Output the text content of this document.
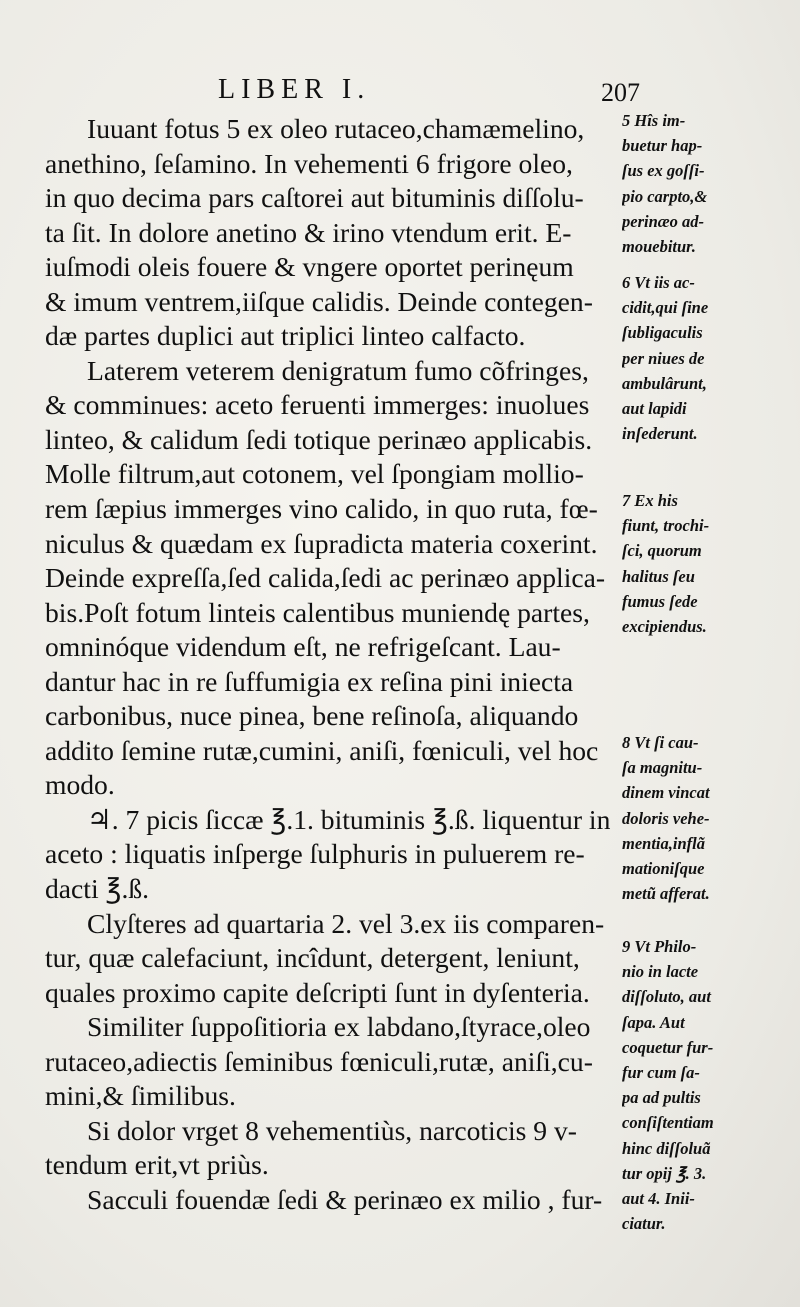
LIBER I.	207
Iuuant fotus 5 ex oleo rutaceo,chamæmelino,
anethino, ſeſamino. In vehementi 6 frigore oleo,
in quo decima pars caſtorei aut bituminis diſſolu-
ta ſit. In dolore anetino & irino vtendum erit. E-
iuſmodi oleis fouere & vngere oportet perinęum
& imum ventrem,iiſque calidis. Deinde contegen-
dæ partes duplici aut triplici linteo calfacto.
Laterem veterem denigratum fumo cõfringes,
& comminues: aceto feruenti immerges: inuolues
linteo, & calidum ſedi totique perinæo applicabis.
Molle filtrum,aut cotonem, vel ſpongiam mollio-
rem ſæpius immerges vino calido, in quo ruta, fœ-
niculus & quædam ex ſupradicta materia coxerint.
Deinde expreſſa,ſed calida,ſedi ac perinæo applica-
bis.Poſt fotum linteis calentibus muniendę partes,
omninóque videndum eſt, ne refrigeſcant. Lau-
dantur hac in re ſuffumigia ex reſina pini iniecta
carbonibus, nuce pinea, bene reſinoſa, aliquando
addito ſemine rutæ,cumini, aniſi, fœniculi, vel hoc
modo.
♃. 7 picis ſiccæ ℥.1. bituminis ℥.ß. liquentur in
aceto : liquatis inſperge ſulphuris in puluerem re-
dacti ℥.ß.
Clyſteres ad quartaria 2. vel 3.ex iis comparen-
tur, quæ calefaciunt, incîdunt, detergent, leniunt,
quales proximo capite deſcripti ſunt in dyſenteria.
Similiter ſuppoſitioria ex labdano,ſtyrace,oleo
rutaceo,adiectis ſeminibus fœniculi,rutæ, aniſi,cu-
mini,& ſimilibus.
Si dolor vrget 8 vehementiùs, narcoticis 9 v-
tendum erit,vt priùs.
Sacculi fouendæ ſedi & perinæo ex milio , fur-
5 Hîs im-
buetur hap-
ſus ex goſſi-
pio carpto,&
perinæo ad-
mouebitur.
6 Vt iis ac-
cidit,qui ſine
ſubligaculis
per niues de
ambulârunt,
aut lapidi
inſederunt.
7 Ex his
fiunt, trochi-
ſci, quorum
halitus ſeu
fumus ſede
excipiendus.
8 Vt ſi cau-
ſa magnitu-
dinem vincat
doloris vehe-
mentia,inflã
mationiſque
metũ afferat.
9 Vt Philo-
nio in lacte
diſſoluto, aut
ſapa. Aut
coquetur fur-
fur cum ſa-
pa ad pultis
conſiſtentiam
hinc diſſoluã
tur opij ℥. 3.
aut 4. Inii-
ciatur.
